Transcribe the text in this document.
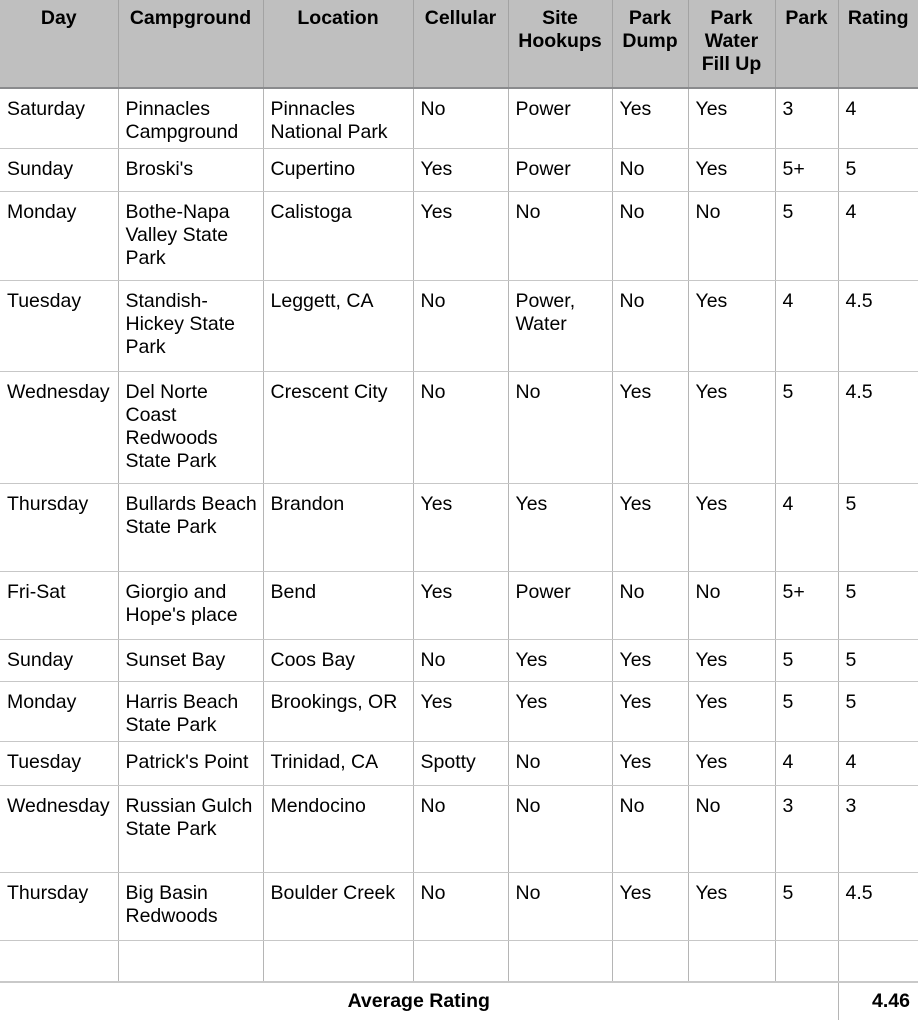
Day	Campground	Location	Cellular	Site Hookups	Park Dump	Park Water Fill Up	Park	Rating
Saturday	Pinnacles Campground	Pinnacles National Park	No	Power	Yes	Yes	3	4
Sunday	Broski's	Cupertino	Yes	Power	No	Yes	5+	5
Monday	Bothe-Napa Valley State Park	Calistoga	Yes	No	No	No	5	4
Tuesday	Standish-Hickey State Park	Leggett, CA	No	Power, Water	No	Yes	4	4.5
Wednesday	Del Norte Coast Redwoods State Park	Crescent City	No	No	Yes	Yes	5	4.5
Thursday	Bullards Beach State Park	Brandon	Yes	Yes	Yes	Yes	4	5
Fri-Sat	Giorgio and Hope's place	Bend	Yes	Power	No	No	5+	5
Sunday	Sunset Bay	Coos Bay	No	Yes	Yes	Yes	5	5
Monday	Harris Beach State Park	Brookings, OR	Yes	Yes	Yes	Yes	5	5
Tuesday	Patrick's Point	Trinidad, CA	Spotty	No	Yes	Yes	4	4
Wednesday	Russian Gulch State Park	Mendocino	No	No	No	No	3	3
Thursday	Big Basin Redwoods	Boulder Creek	No	No	Yes	Yes	5	4.5

Average Rating								4.46
